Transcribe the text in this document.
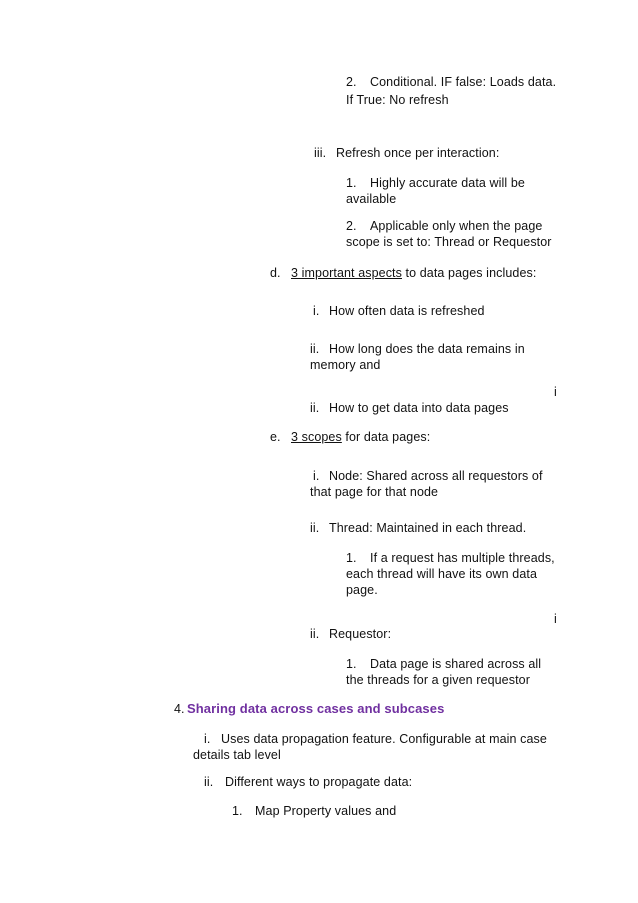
2. Conditional. IF false: Loads data.
If True: No refresh
iii. Refresh once per interaction:
1. Highly accurate data will be
available
2. Applicable only when the page
scope is set to: Thread or Requestor
d. 3 important aspects to data pages includes:
i. How often data is refreshed
ii. How long does the data remains in
memory and
i
ii. How to get data into data pages
e. 3 scopes for data pages:
i. Node: Shared across all requestors of
that page for that node
ii. Thread: Maintained in each thread.
1. If a request has multiple threads,
each thread will have its own data
page.
i
ii. Requestor:
1. Data page is shared across all
the threads for a given requestor
4. Sharing data across cases and subcases
i. Uses data propagation feature. Configurable at main case
details tab level
ii. Different ways to propagate data:
1. Map Property values and
